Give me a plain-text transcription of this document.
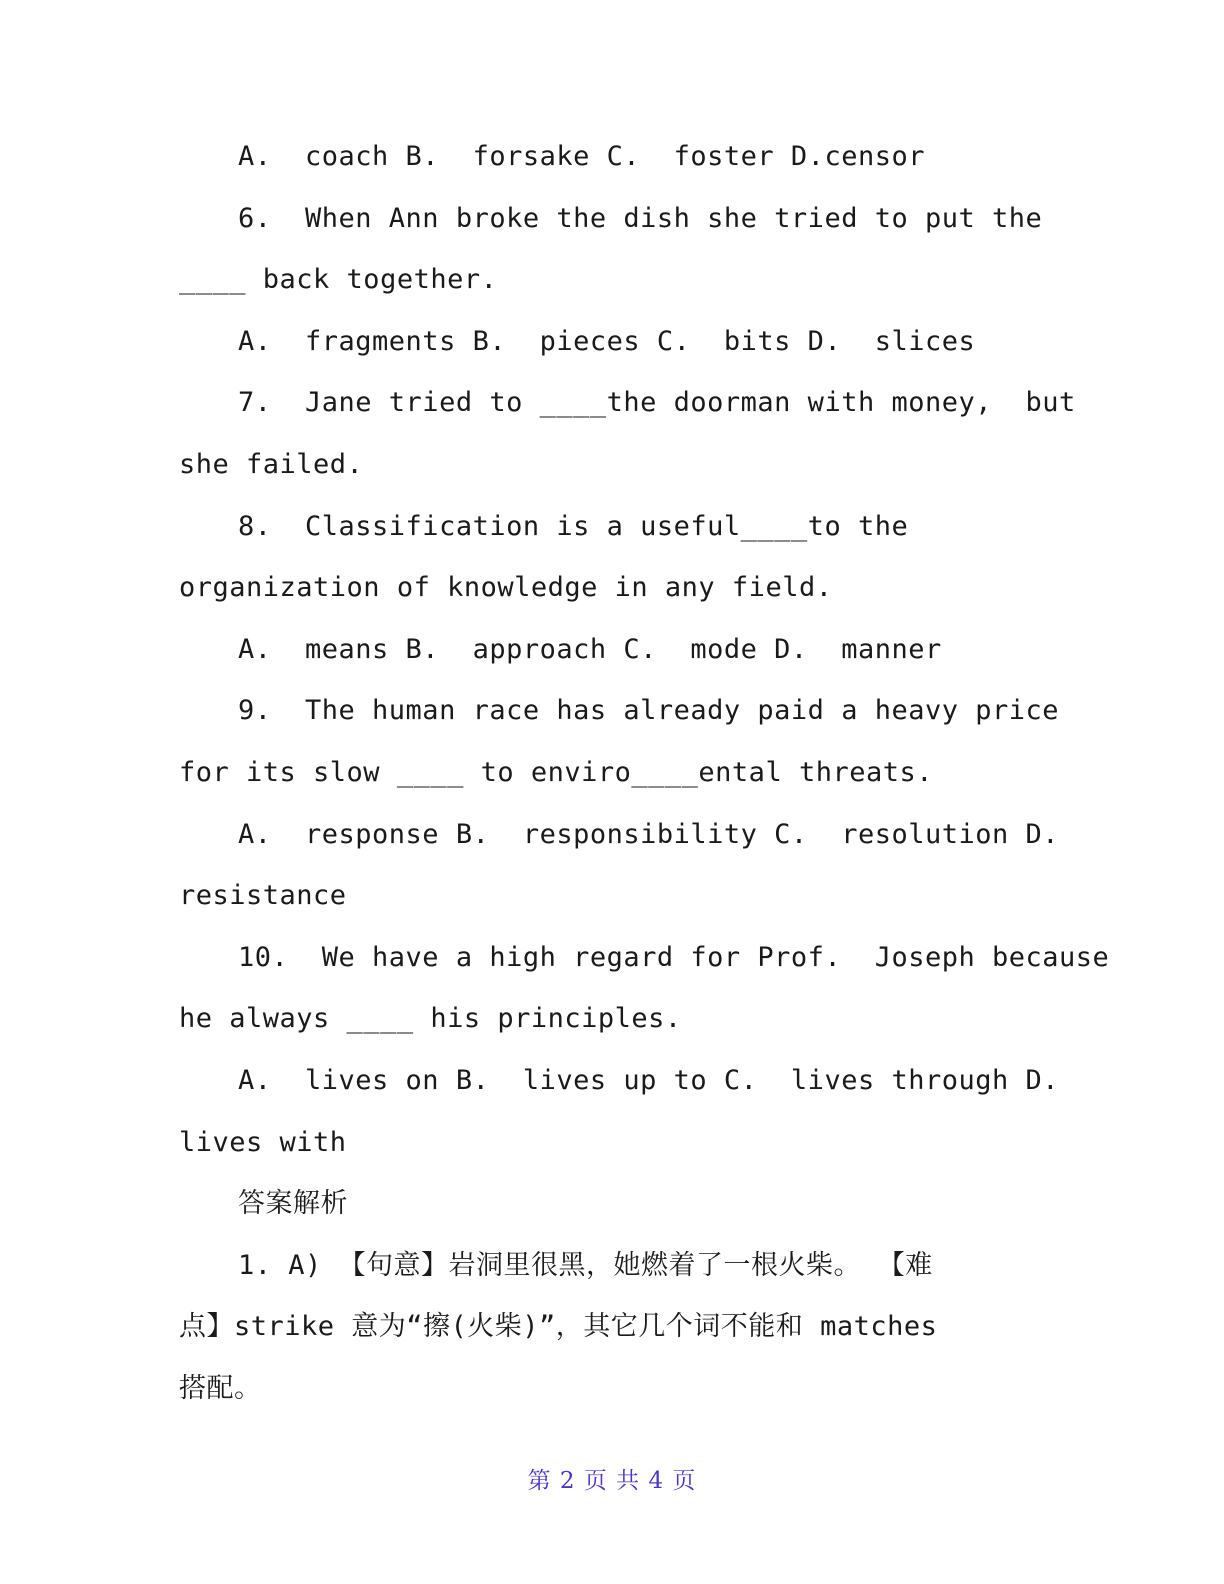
A.  coach B.  forsake C.  foster D.censor
6.  When Ann broke the dish she tried to put the
____ back together.
A.  fragments B.  pieces C.  bits D.  slices
7.  Jane tried to ____the doorman with money,  but
she failed.
8.  Classification is a useful____to the
organization of knowledge in any field.
A.  means B.  approach C.  mode D.  manner
9.  The human race has already paid a heavy price
for its slow ____ to enviro____ental threats.
A.  response B.  responsibility C.  resolution D.
resistance
10.  We have a high regard for Prof.  Joseph because
he always ____ his principles.
A.  lives on B.  lives up to C.  lives through D.
lives with
答案解析
1. A) 【句意】岩洞里很黑，她燃着了一根火柴。 【难
点】strike 意为“擦(火柴)”，其它几个词不能和 matches
搭配。
第 2 页 共 4 页
